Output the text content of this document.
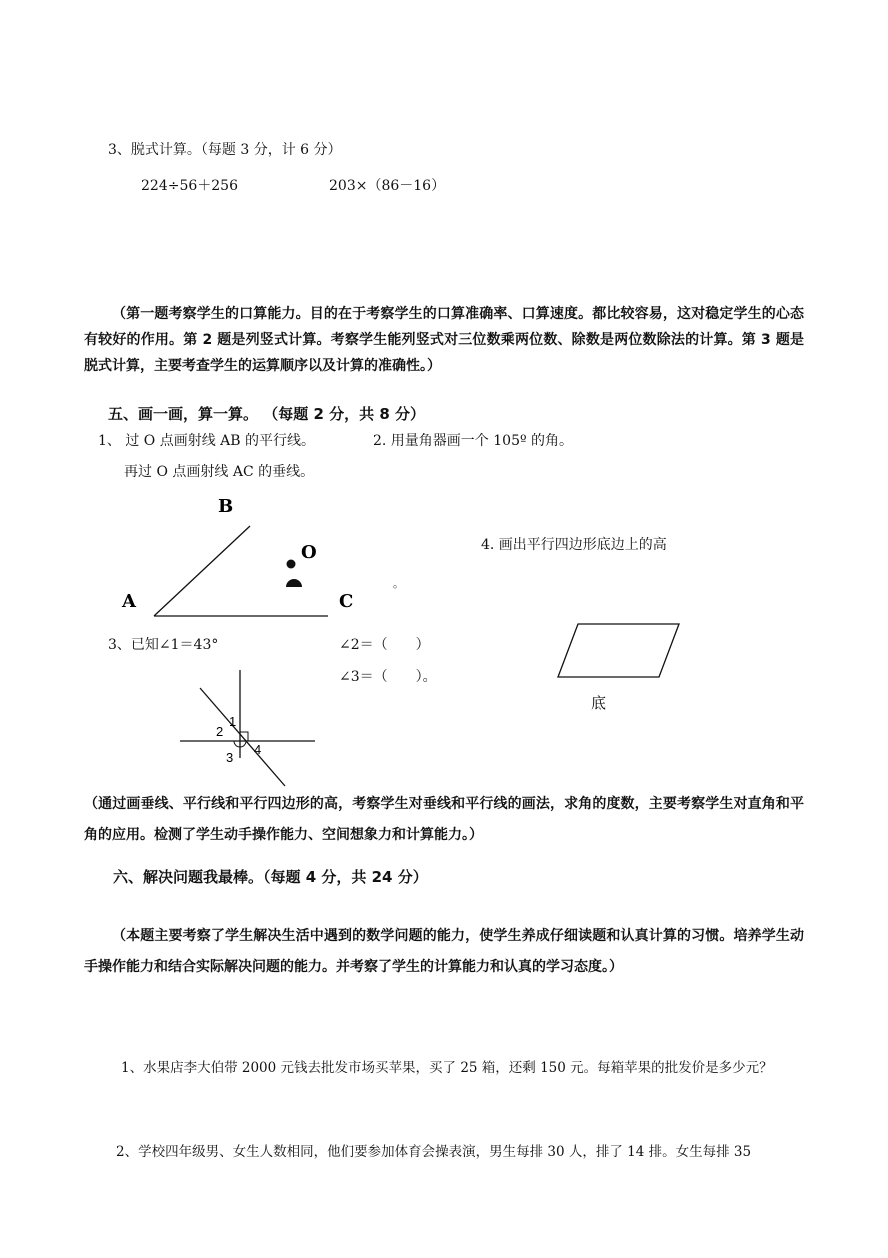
3、脱式计算。（每题 3 分，计 6 分）
224÷56＋256	203×（86－16）
（第一题考察学生的口算能力。目的在于考察学生的口算准确率、口算速度。都比较容易，这对稳定学生的心态有较好的作用。第 2 题是列竖式计算。考察学生能列竖式对三位数乘两位数、除数是两位数除法的计算。第 3 题是脱式计算，主要考查学生的运算顺序以及计算的准确性。）
五、画一画，算一算。 （每题 2 分，共 8 分）
1、 过 O 点画射线 AB 的平行线。	2. 用量角器画一个 105º 的角。
再过 O 点画射线 AC 的垂线。
B
O
A	C
4. 画出平行四边形底边上的高
。
3、已知∠1＝43°	∠2＝（　　）
∠3＝（　　）。
底
1
2
3
4
（通过画垂线、平行线和平行四边形的高，考察学生对垂线和平行线的画法，求角的度数，主要考察学生对直角和平角的应用。检测了学生动手操作能力、空间想象力和计算能力。）
六、解决问题我最棒。（每题 4 分，共 24 分）
（本题主要考察了学生解决生活中遇到的数学问题的能力，使学生养成仔细读题和认真计算的习惯。培养学生动手操作能力和结合实际解决问题的能力。并考察了学生的计算能力和认真的学习态度。）
1、水果店李大伯带 2000 元钱去批发市场买苹果，买了 25 箱，还剩 150 元。每箱苹果的批发价是多少元？
2、学校四年级男、女生人数相同，他们要参加体育会操表演，男生每排 30 人，排了 14 排。女生每排 35
